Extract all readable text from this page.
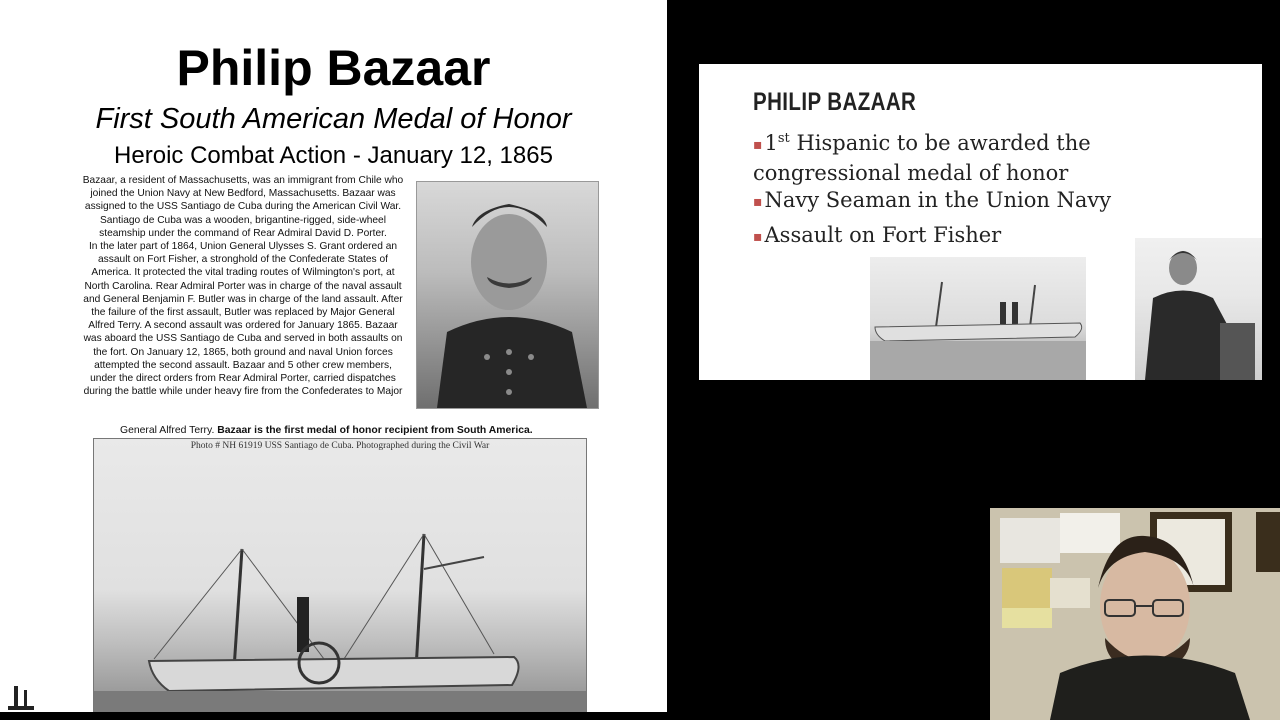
Philip Bazaar
First South American Medal of Honor
Heroic Combat Action - January 12, 1865

Bazaar, a resident of Massachusetts, was an immigrant from Chile who joined the Union Navy at New Bedford, Massachusetts. Bazaar was assigned to the USS Santiago de Cuba during the American Civil War. Santiago de Cuba was a wooden, brigantine-rigged, side-wheel steamship under the command of Rear Admiral David D. Porter.

In the later part of 1864, Union General Ulysses S. Grant ordered an assault on Fort Fisher, a stronghold of the Confederate States of America. It protected the vital trading routes of Wilmington's port, at North Carolina. Rear Admiral Porter was in charge of the naval assault and General Benjamin F. Butler was in charge of the land assault. After the failure of the first assault, Butler was replaced by Major General Alfred Terry. A second assault was ordered for January 1865. Bazaar was aboard the USS Santiago de Cuba and served in both assaults on the fort. On January 12, 1865, both ground and naval Union forces attempted the second assault. Bazaar and 5 other crew members, under the direct orders from Rear Admiral Porter, carried dispatches during the battle while under heavy fire from the Confederates to Major

General Alfred Terry. Bazaar is the first medal of honor recipient from South America.
Photo # NH 61919 USS Santiago de Cuba. Photographed during the Civil War
PHILIP BAZAAR
▪1st Hispanic to be awarded the congressional medal of honor
▪Navy Seaman in the Union Navy
▪Assault on Fort Fisher
